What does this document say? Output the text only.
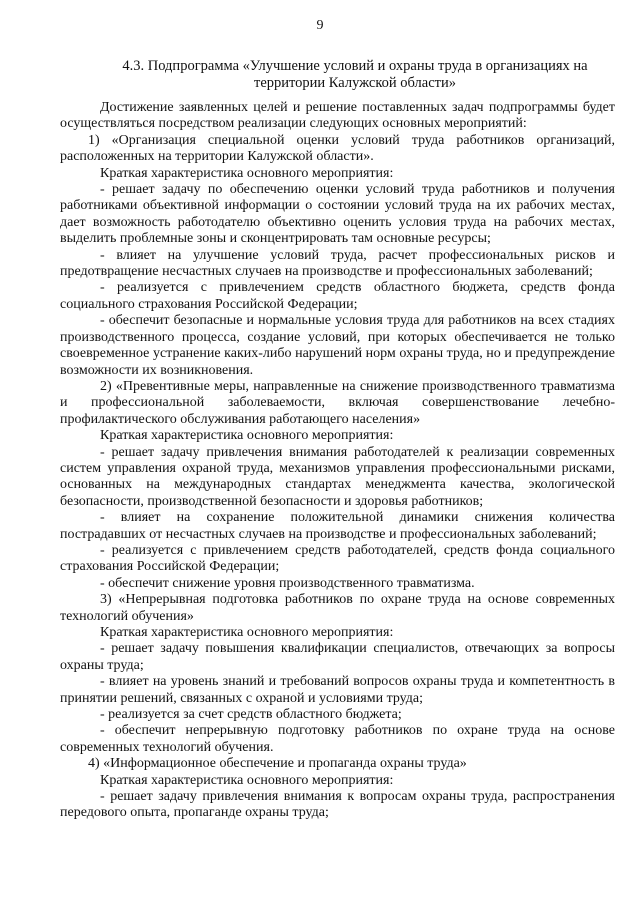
9
4.3. Подпрограмма «Улучшение условий и охраны труда в организациях на территории Калужской области»

Достижение заявленных целей и решение поставленных задач подпрограммы будет осуществляться посредством реализации следующих основных мероприятий:

1) «Организация специальной оценки условий труда работников организаций, расположенных на территории Калужской области».

Краткая характеристика основного мероприятия:

- решает задачу по обеспечению оценки условий труда работников и получения работниками объективной информации о состоянии условий труда на их рабочих местах, дает возможность работодателю объективно оценить условия труда на рабочих местах, выделить проблемные зоны и сконцентрировать там основные ресурсы;

- влияет на улучшение условий труда, расчет профессиональных рисков и предотвращение несчастных случаев на производстве и профессиональных заболеваний;

- реализуется с привлечением средств областного бюджета, средств фонда социального страхования Российской Федерации;

- обеспечит безопасные и нормальные условия труда для работников на всех стадиях производственного процесса, создание условий, при которых обеспечивается не только своевременное устранение каких-либо нарушений норм охраны труда, но и предупреждение возможности их возникновения.

2) «Превентивные меры, направленные на снижение производственного травматизма и профессиональной заболеваемости, включая совершенствование лечебно-профилактического обслуживания работающего населения»

Краткая характеристика основного мероприятия:

- решает задачу привлечения внимания работодателей к реализации современных систем управления охраной труда, механизмов управления профессиональными рисками, основанных на международных стандартах менеджмента качества, экологической безопасности, производственной безопасности и здоровья работников;

- влияет на сохранение положительной динамики снижения количества пострадавших от несчастных случаев на производстве и профессиональных заболеваний;

- реализуется с привлечением средств работодателей, средств фонда социального страхования Российской Федерации;

- обеспечит снижение уровня производственного травматизма.

3) «Непрерывная подготовка работников по охране труда на основе современных технологий обучения»

Краткая характеристика основного мероприятия:

- решает задачу повышения квалификации специалистов, отвечающих за вопросы охраны труда;

- влияет на уровень знаний и требований вопросов охраны труда и компетентность в принятии решений, связанных с охраной и условиями труда;

- реализуется за счет средств областного бюджета;

- обеспечит непрерывную подготовку работников по охране труда на основе современных технологий обучения.

4) «Информационное обеспечение и пропаганда охраны труда»

Краткая характеристика основного мероприятия:

- решает задачу привлечения внимания к вопросам охраны труда, распространения передового опыта, пропаганде охраны труда;
